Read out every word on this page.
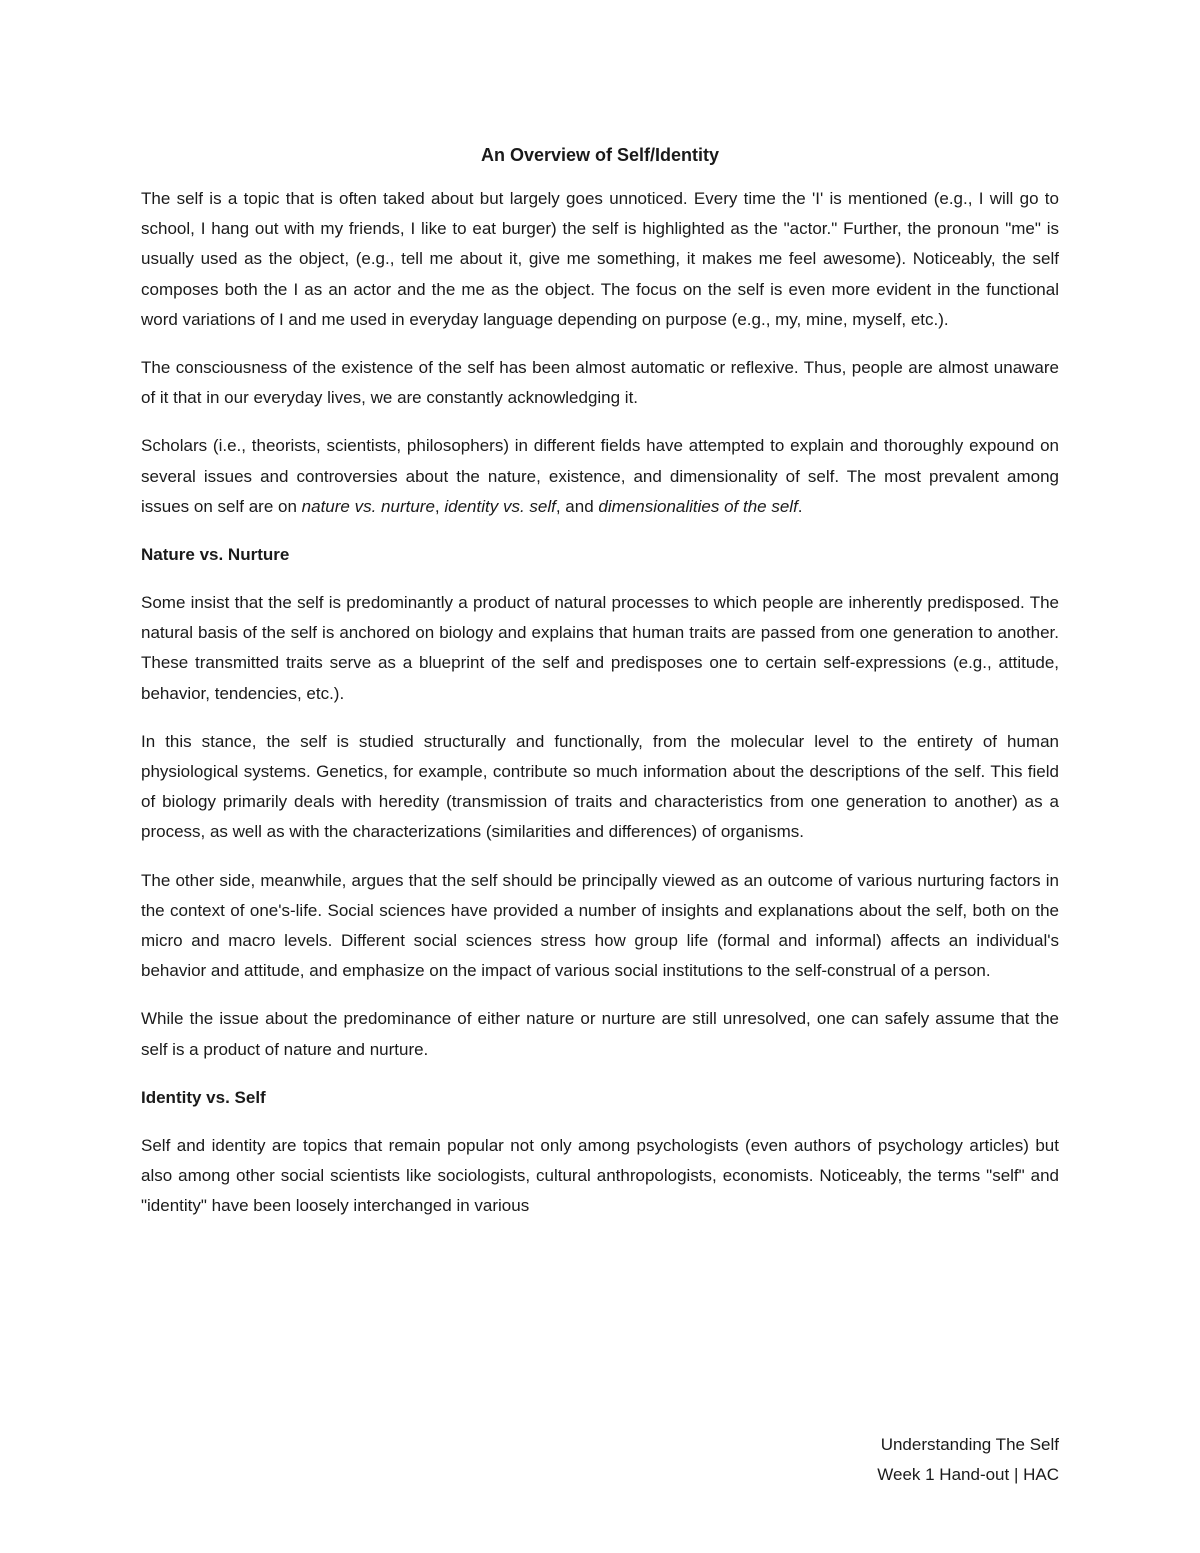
An Overview of Self/Identity

The self is a topic that is often taked about but largely goes unnoticed. Every time the 'I' is mentioned (e.g., I will go to school, I hang out with my friends, I like to eat burger) the self is highlighted as the "actor." Further, the pronoun "me" is usually used as the object, (e.g., tell me about it, give me something, it makes me feel awesome). Noticeably, the self composes both the I as an actor and the me as the object. The focus on the self is even more evident in the functional word variations of I and me used in everyday language depending on purpose (e.g., my, mine, myself, etc.).

The consciousness of the existence of the self has been almost automatic or reflexive. Thus, people are almost unaware of it that in our everyday lives, we are constantly acknowledging it.

Scholars (i.e., theorists, scientists, philosophers) in different fields have attempted to explain and thoroughly expound on several issues and controversies about the nature, existence, and dimensionality of self. The most prevalent among issues on self are on nature vs. nurture, identity vs. self, and dimensionalities of the self.

Nature vs. Nurture

Some insist that the self is predominantly a product of natural processes to which people are inherently predisposed. The natural basis of the self is anchored on biology and explains that human traits are passed from one generation to another. These transmitted traits serve as a blueprint of the self and predisposes one to certain self-expressions (e.g., attitude, behavior, tendencies, etc.).

In this stance, the self is studied structurally and functionally, from the molecular level to the entirety of human physiological systems. Genetics, for example, contribute so much information about the descriptions of the self. This field of biology primarily deals with heredity (transmission of traits and characteristics from one generation to another) as a process, as well as with the characterizations (similarities and differences) of organisms.

The other side, meanwhile, argues that the self should be principally viewed as an outcome of various nurturing factors in the context of one's-life. Social sciences have provided a number of insights and explanations about the self, both on the micro and macro levels. Different social sciences stress how group life (formal and informal) affects an individual's behavior and attitude, and emphasize on the impact of various social institutions to the self-construal of a person.

While the issue about the predominance of either nature or nurture are still unresolved, one can safely assume that the self is a product of nature and nurture.

Identity vs. Self

Self and identity are topics that remain popular not only among psychologists (even authors of psychology articles) but also among other social scientists like sociologists, cultural anthropologists, economists. Noticeably, the terms "self" and "identity" have been loosely interchanged in various

Understanding The Self
Week 1 Hand-out | HAC
